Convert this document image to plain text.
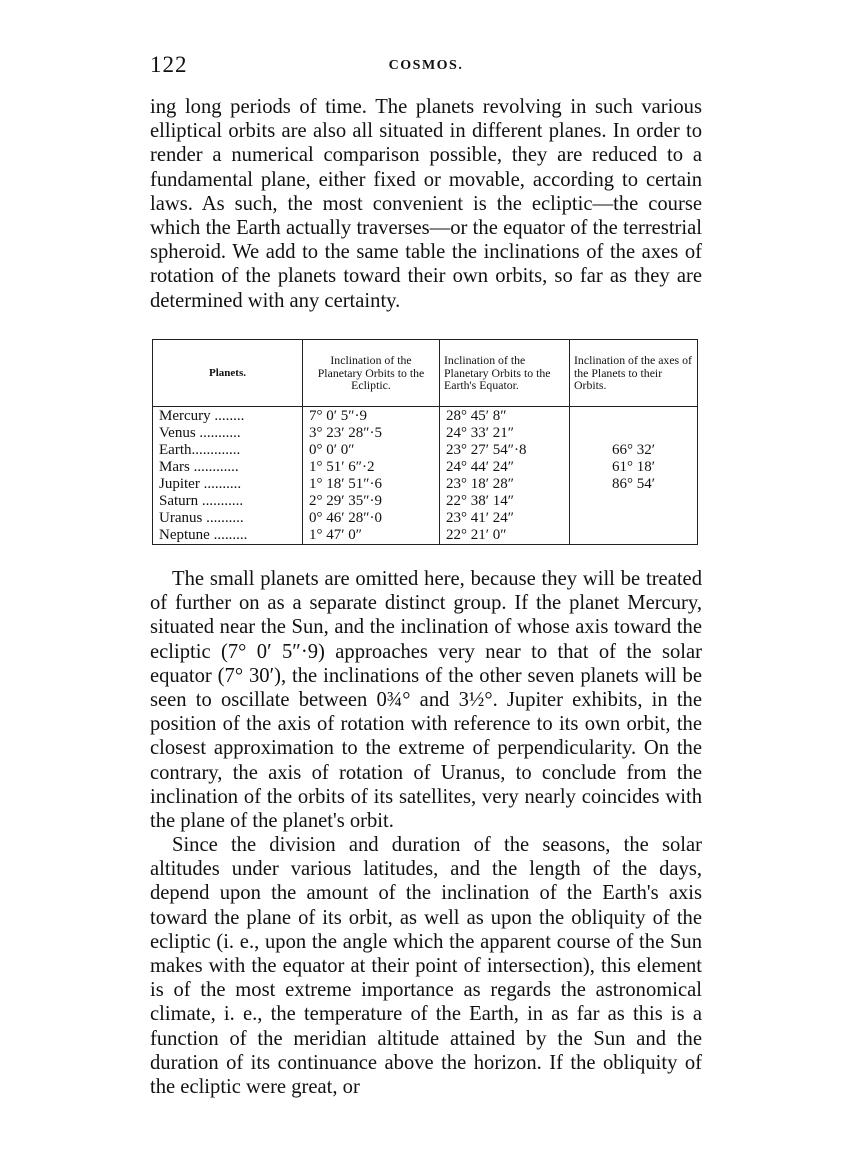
122	COSMOS.

ing long periods of time. The planets revolving in such various elliptical orbits are also all situated in different planes. In order to render a numerical comparison possible, they are reduced to a fundamental plane, either fixed or movable, according to certain laws. As such, the most convenient is the ecliptic—the course which the Earth actually traverses—or the equator of the terrestrial spheroid. We add to the same table the inclinations of the axes of rotation of the planets toward their own orbits, so far as they are determined with any certainty.

Planets.	Inclination of the Planetary Orbits to the Ecliptic.	Inclination of the Planetary Orbits to the Earth's Equator.	Inclination of the axes of the Planets to their Orbits.
Mercury ........	7° 0′ 5″·9	28° 45′ 8″	
Venus ...........	3° 23′ 28″·5	24° 33′ 21″	
Earth.............	0° 0′ 0″	23° 27′ 54″·8	66° 32′
Mars ............	1° 51′ 6″·2	24° 44′ 24″	61° 18′
Jupiter ..........	1° 18′ 51″·6	23° 18′ 28″	86° 54′
Saturn ...........	2° 29′ 35″·9	22° 38′ 14″	
Uranus ..........	0° 46′ 28″·0	23° 41′ 24″	
Neptune .........	1° 47′ 0″	22° 21′ 0″	

The small planets are omitted here, because they will be treated of further on as a separate distinct group. If the planet Mercury, situated near the Sun, and the inclination of whose axis toward the ecliptic (7° 0′ 5″·9) approaches very near to that of the solar equator (7° 30′), the inclinations of the other seven planets will be seen to oscillate between 0¾° and 3½°. Jupiter exhibits, in the position of the axis of rotation with reference to its own orbit, the closest approximation to the extreme of perpendicularity. On the contrary, the axis of rotation of Uranus, to conclude from the inclination of the orbits of its satellites, very nearly coincides with the plane of the planet's orbit.

Since the division and duration of the seasons, the solar altitudes under various latitudes, and the length of the days, depend upon the amount of the inclination of the Earth's axis toward the plane of its orbit, as well as upon the obliquity of the ecliptic (i. e., upon the angle which the apparent course of the Sun makes with the equator at their point of intersection), this element is of the most extreme importance as regards the astronomical climate, i. e., the temperature of the Earth, in as far as this is a function of the meridian altitude attained by the Sun and the duration of its continuance above the horizon. If the obliquity of the ecliptic were great, or
